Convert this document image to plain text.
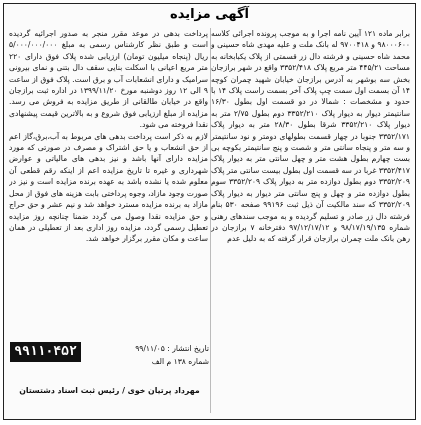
آگهی مزایده

برابر ماده ۱۲۱ آیین نامه اجرا و به موجب پرونده اجرائی کلاسه ۹۸۰۰۰۶۰۰ و ۹۷۰۰۴۱۸ له بانک ملت و علیه مهدی شاه حسینی و محمد شاه حسینی و فرشته دال زر قسمتی از پلاک یکبابخانه به مساحت ۴۴۵/۲۱ متر مربع پلاک ۳۳۵۲/۴۱۸ واقع در شهر برازجان بخش سه بوشهر به آدرس برازجان خیابان شهید چمران کوچه ۱۴ آن بسمت اول سمت چپ پلاک آخر بسمت راست پلاک ۱۴ با حدود و مشخصات : شمالا در دو قسمت اول بطول ۱۶/۳۰ سانتیمتر دیوار به دیوار پلاک ۳۳۵۲/۲۱۰ دوم بطول ۲/۷۵ متر به دیوار پلاک ۳۳۵۲/۲۱۰ شرقا بطول ۲۸/۳۰ متر به دیوار پلاک ۳۳۵۲/۱۷۱ جنوبا در چهار قسمت بطولهای دومتر و نود سانتیمتر و سه متر و پنجاه سانتی متر و شصت و پنج سانتیمتر بکوچه بی بست چهارم بطول هشت متر و چهل سانتی متر به دیوار پلاک ۳۳۵۲/۴۱۷ غربا در سه قسمت اول بطول بیست سانتی متر پلاک ۳۳۵۲/۲۰۹ دوم بطول دوازده متر به دیوار پلاک ۳۳۵۲/۲۰۹ سوم بطول دوازده متر و چهل و پنج سانتی متر دیوار به دیوار پلاک ۳۳۵۲/۲۰۹ که سند مالکیت آن ذیل ثبت ۹۹۱۹۶ صفحه ۵۳۰ بنام فرشته دال زر صادر و تسلیم گردیده و به موجب سندهای رهنی شماره ۹۸/۱۷/۱۹/۱۳۵ و ۹۷/۱۲/۱۷/۱۲ دفترخانه ۷ برازجان در رهن بانک ملت چمران برازجان قرار گرفته که به دلیل عدم

پرداخت بدهی در موعد مقرر منجر به صدور اجرائیه گردیده است و طبق نظر کارشناس رسمی به مبلغ ۵/۰۰۰/۰۰۰/۰۰۰ ریال (پنجاه میلیون تومان) ارزیابی شده پلاک فوق دارای ۲۲۰ متر مربع اعیانی با اسکلت بنایی سقف دال بتنی و نمای بیرونی سرامیک و دارای انشعابات آب و برق است. پلاک فوق از ساعت ۹ الی ۱۲ روز دوشنبه مورخ ۱۳۹۹/۱۱/۲۰ در اداره ثبت برازجان واقع در خیابان طالقانی از طریق مزایده به فروش می رسد. مزایده از مبلغ ارزیابی فوق شروع و به بالاترین قیمت پیشنهادی نقدا فروخته می شود.

لازم به ذکر است پرداخت بدهی های مربوط به آب،برق،گاز اعم از حق انشعاب و یا حق اشتراک و مصرف در صورتی که مورد مزایده دارای آنها باشد و نیز بدهی های مالیاتی و عوارض شهرداری و غیره تا تاریخ مزایده اعم از اینکه رقم قطعی آن معلوم شده یا نشده باشد به عهده برنده مزایده است و نیز در صورت وجود مازاد، وجوه پرداختی بابت هزینه های فوق از محل مازاد به برنده مزایده مسترد خواهد شد و نیم عشر و حق حراج و حق مزایده نقدا وصول می گردد ضمنا چنانچه روز مزایده تعطیل رسمی گردد، مزایده روز اداری بعد از تعطیلی در همان ساعت و مکان مقرر برگزار خواهد شد.

۹۹۱۱۰۴۵۲	تاریخ انتشار : ۹۹/۱۱/۰۵
شماره ۱۳۸ م الف
مهرداد پرتیان خوی / رئیس ثبت اسناد دشتستان
